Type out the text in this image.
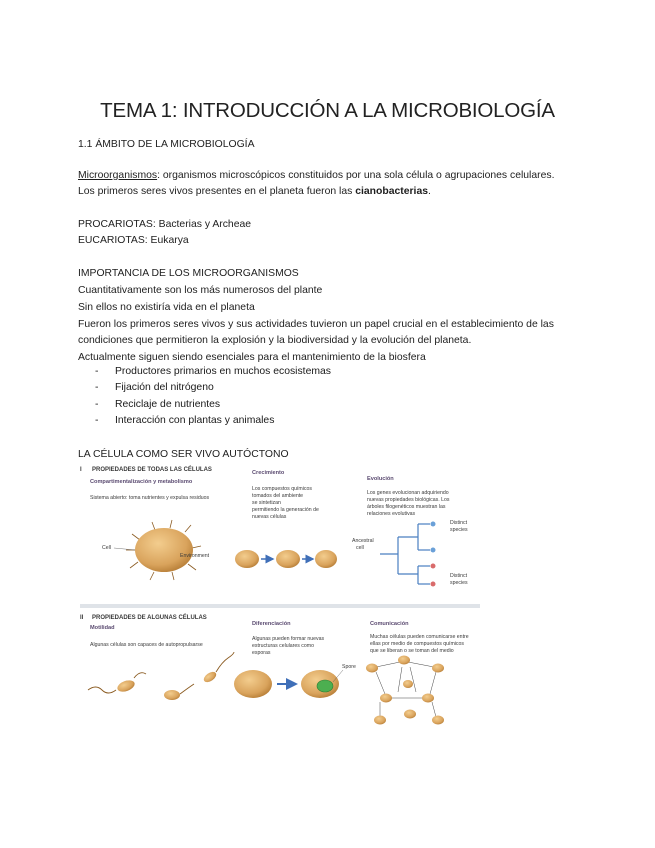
TEMA 1: INTRODUCCIÓN A LA MICROBIOLOGÍA
1.1 ÁMBITO DE LA MICROBIOLOGÍA
Microorganismos: organismos microscópicos constituidos por una sola célula o agrupaciones celulares.
Los primeros seres vivos presentes en el planeta fueron las cianobacterias.
PROCARIOTAS: Bacterias y Archeae
EUCARIOTAS: Eukarya
IMPORTANCIA DE LOS MICROORGANISMOS
Cuantitativamente son los más numerosos del plante
Sin ellos no existiría vida en el planeta
Fueron los primeros seres vivos y sus actividades tuvieron un papel crucial en el establecimiento de las
condiciones que permitieron la explosión y la biodiversidad y la evolución del planeta.
Actualmente siguen siendo esenciales para el mantenimiento de la biosfera
- Productores primarios en muchos ecosistemas
- Fijación del nitrógeno
- Reciclaje de nutrientes
- Interacción con plantas y animales
LA CÉLULA COMO SER VIVO AUTÓCTONO
I PROPIEDADES DE TODAS LAS CÉLULAS
Compartimentalización y metabolismo
Sistema abierto: toma nutrientes y expulsa residuos
Cell
Environment
Crecimiento
Los compuestos químicos
tomados del ambiente
se sintetizan
permitiendo la generación de
nuevas células
Evolución
Los genes evolucionan adquiriendo
nuevas propiedades biológicas. Los
árboles filogenéticos muestran las
relaciones evolutivas
Ancestral
cell
Distinct
species
Distinct
species
II PROPIEDADES DE ALGUNAS CÉLULAS
Motilidad
Algunas células son capaces de autopropulsarse
Diferenciación
Algunas pueden formar nuevas
estructuras celulares como
esporas
Spore
Comunicación
Muchas células pueden comunicarse entre
ellas por medio de compuestos químicos
que se liberan o se toman del medio
